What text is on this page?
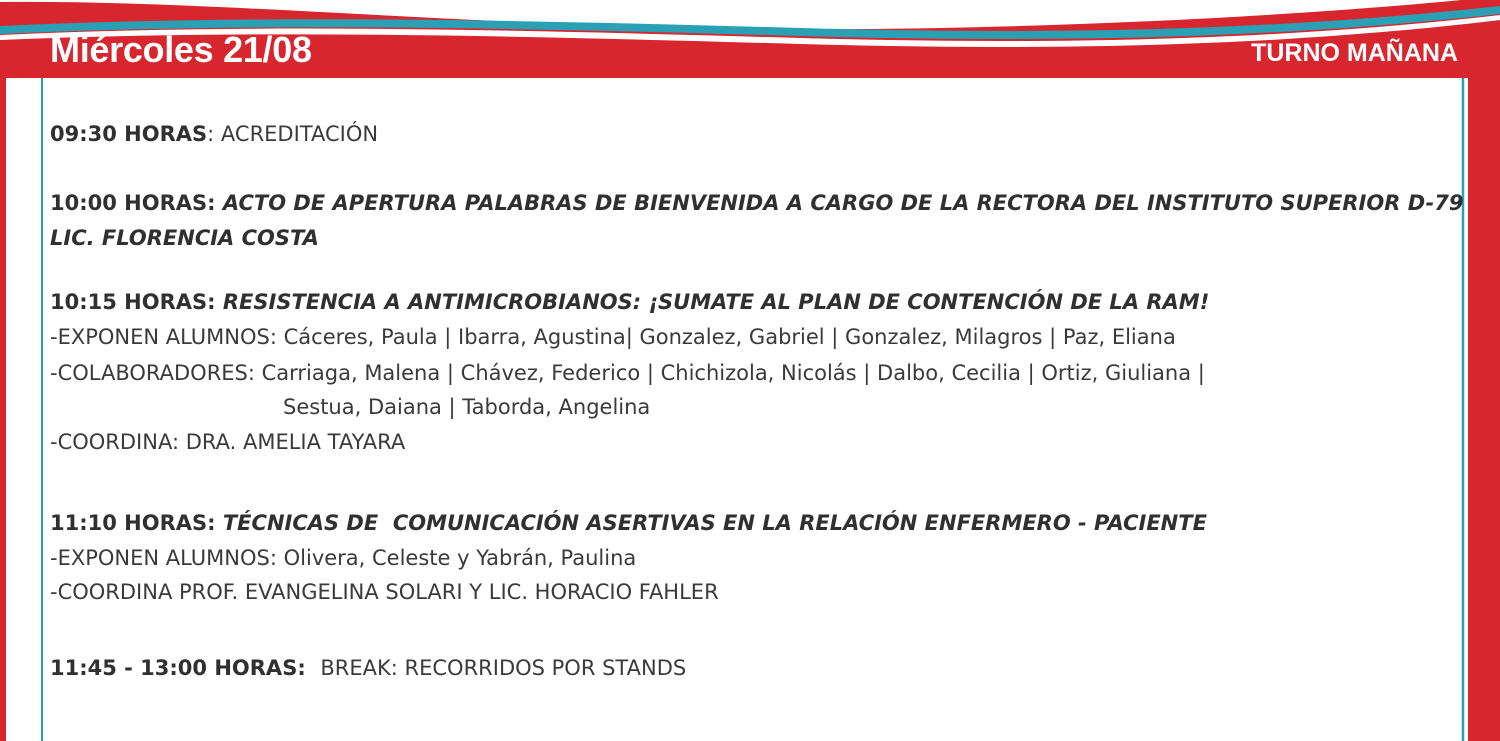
Miércoles 21/08	TURNO MAÑANA
09:30 HORAS: ACREDITACIÓN
10:00 HORAS: ACTO DE APERTURA PALABRAS DE BIENVENIDA A CARGO DE LA RECTORA DEL INSTITUTO SUPERIOR D-79
LIC. FLORENCIA COSTA
10:15 HORAS: RESISTENCIA A ANTIMICROBIANOS: ¡SUMATE AL PLAN DE CONTENCIÓN DE LA RAM!
-EXPONEN ALUMNOS: Cáceres, Paula | Ibarra, Agustina| Gonzalez, Gabriel | Gonzalez, Milagros | Paz, Eliana
-COLABORADORES: Carriaga, Malena | Chávez, Federico | Chichizola, Nicolás | Dalbo, Cecilia | Ortiz, Giuliana |
Sestua, Daiana | Taborda, Angelina
-COORDINA: DRA. AMELIA TAYARA
11:10 HORAS: TÉCNICAS DE  COMUNICACIÓN ASERTIVAS EN LA RELACIÓN ENFERMERO - PACIENTE
-EXPONEN ALUMNOS: Olivera, Celeste y Yabrán, Paulina
-COORDINA PROF. EVANGELINA SOLARI Y LIC. HORACIO FAHLER
11:45 - 13:00 HORAS:  BREAK: RECORRIDOS POR STANDS
